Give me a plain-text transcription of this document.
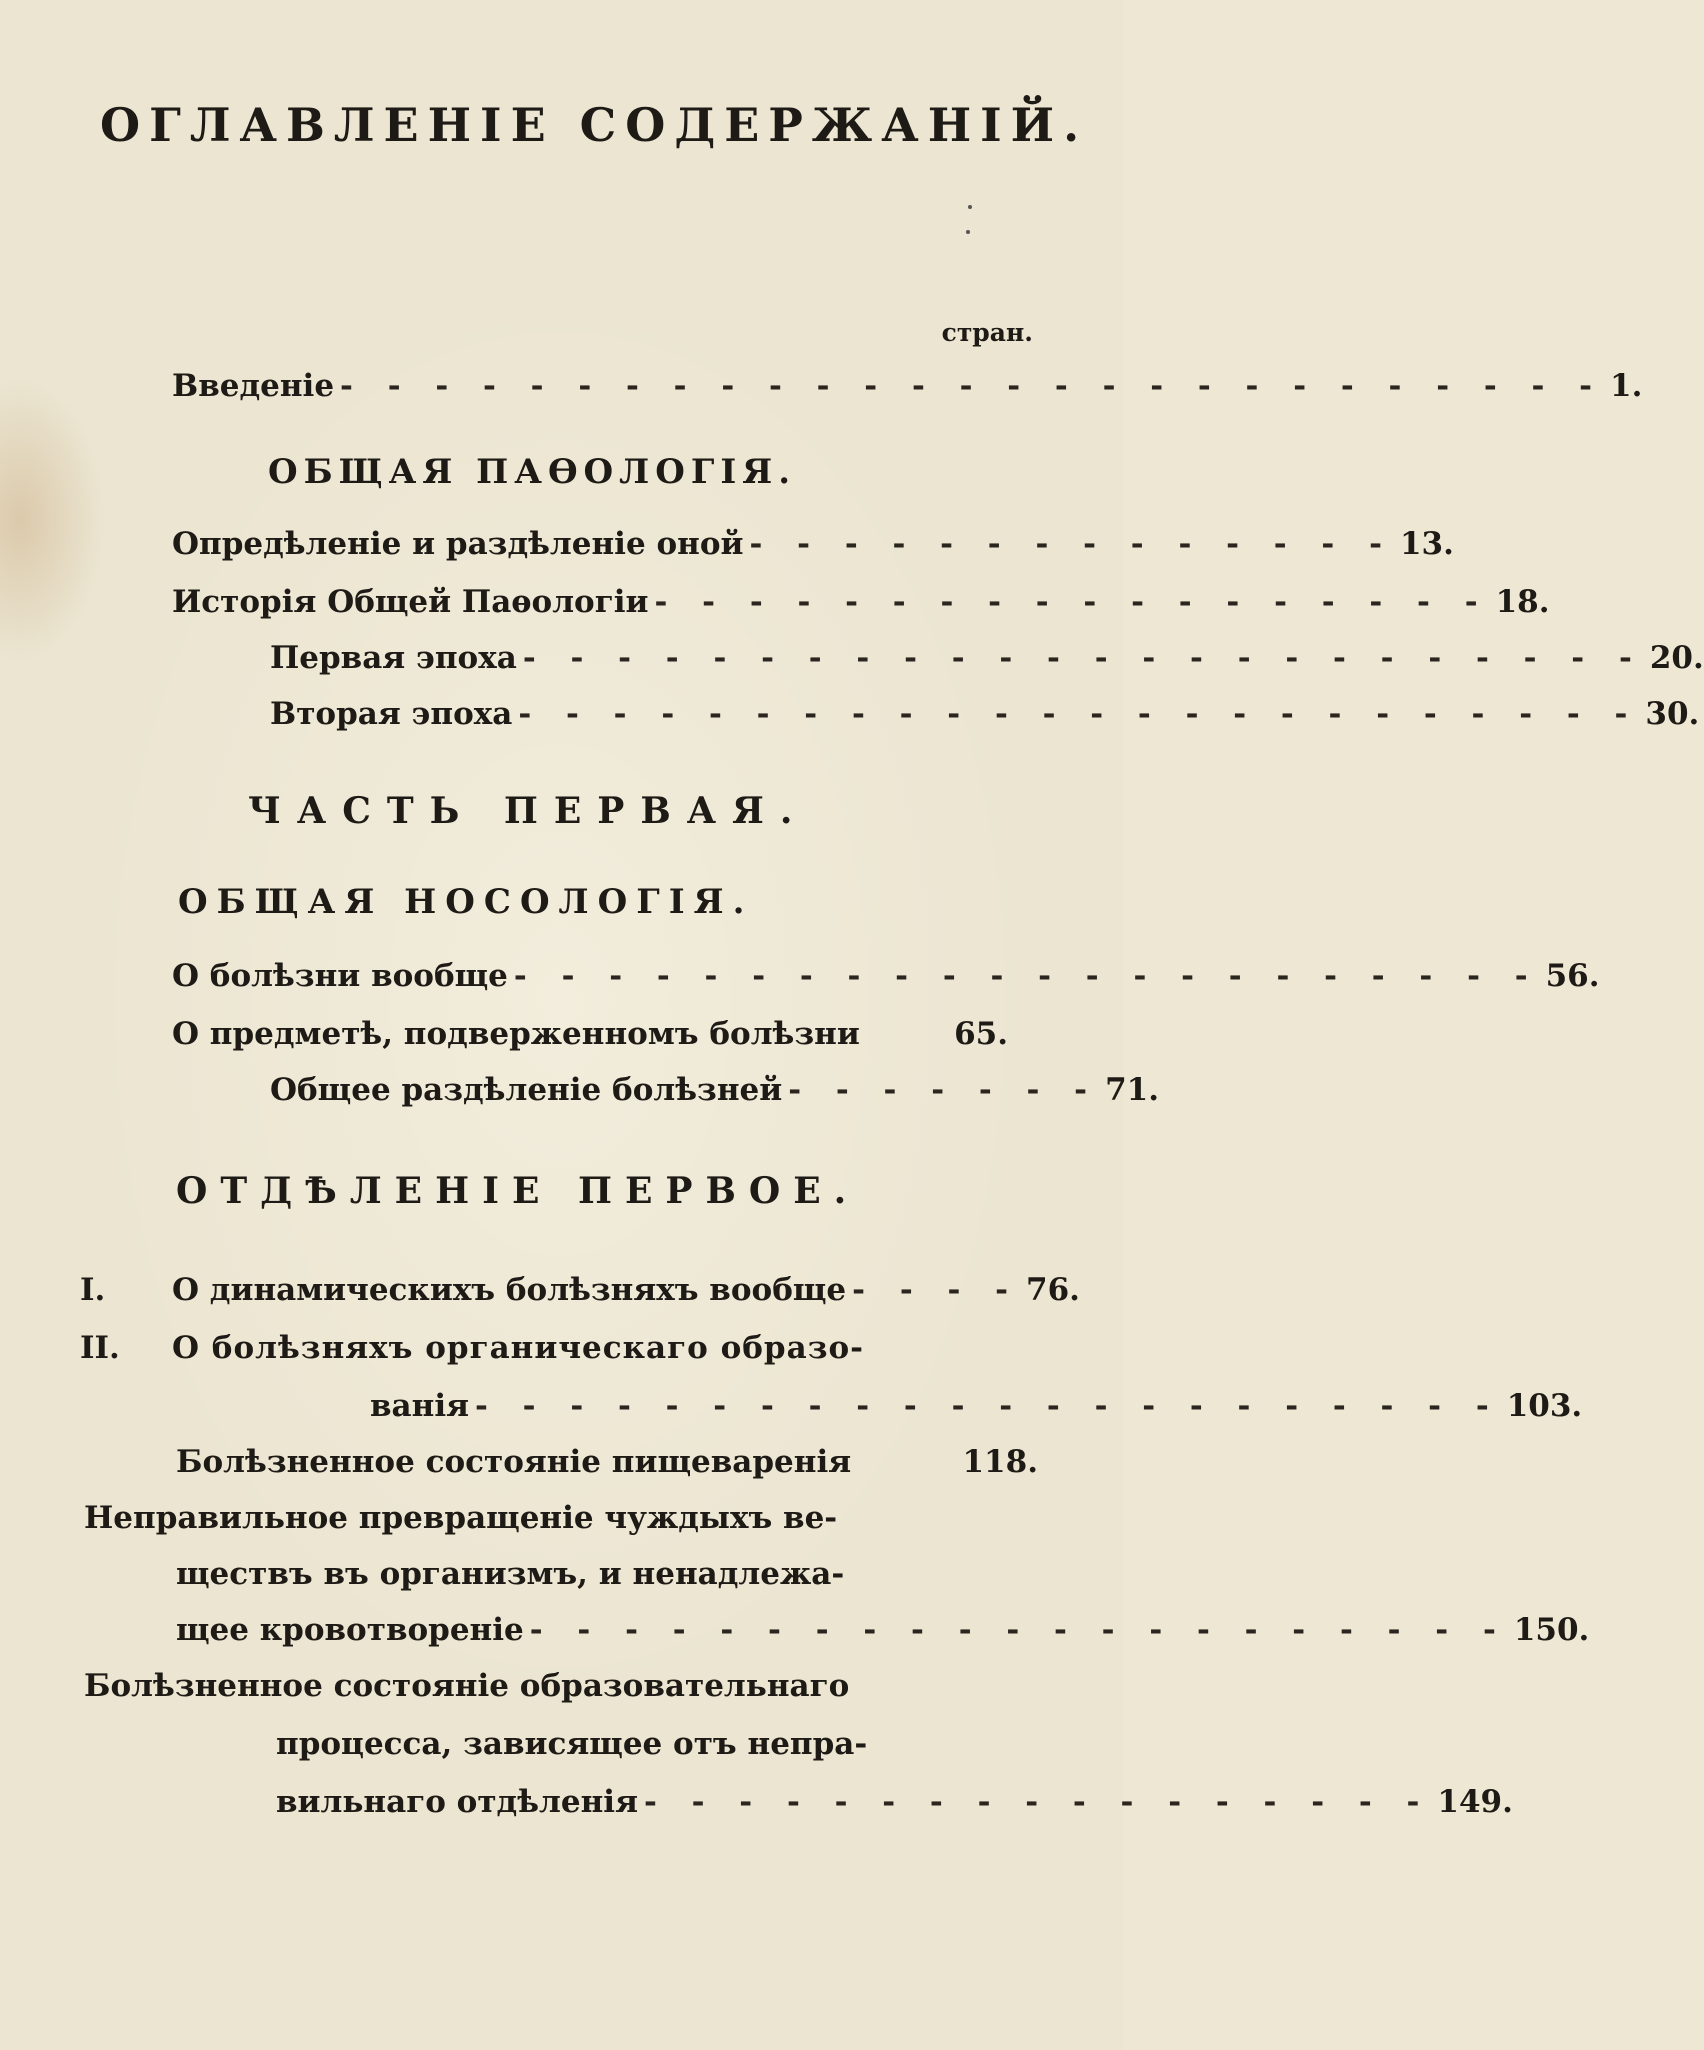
ОГЛАВЛЕНІЕ СОДЕРЖАНІЙ.
стран.
Введеніе - - - - - - - - - - - - - - - - - - - - - - - - - - - 1.
ОБЩАЯ ПАѲОЛОГІЯ.
Опредѣленіе и раздѣленіе оной - - - - - - - - - - - - - - 13.
Исторія Общей Паѳологіи - - - - - - - - - - - - - - - - - - 18.
Первая эпоха - - - - - - - - - - - - - - - - - - - - - - - - 20.
Вторая эпоха - - - - - - - - - - - - - - - - - - - - - - - - 30.
ЧАСТЬ ПЕРВАЯ.
ОБЩАЯ НОСОЛОГІЯ.
О болѣзни вообще - - - - - - - - - - - - - - - - - - - - - - 56.
О предметѣ, подверженномъ болѣзни	65.
Общее раздѣленіе болѣзней - - - - - - - 71.
ОТДѢЛЕНІЕ ПЕРВОЕ.
I. О динамическихъ болѣзняхъ вообще - - - - 76.
II. О болѣзняхъ органическаго образо-
ванія - - - - - - - - - - - - - - - - - - - - - - 103.
Болѣзненное состояніе пищеваренія	118.
Неправильное превращеніе чуждыхъ ве-
ществъ въ организмъ, и ненадлежа-
щее кровотвореніе - - - - - - - - - - - - - - - - - - - - - 150.
Болѣзненное состояніе образовательнаго
процесса, зависящее отъ непра-
вильнаго отдѣленія - - - - - - - - - - - - - - - - - 149.
